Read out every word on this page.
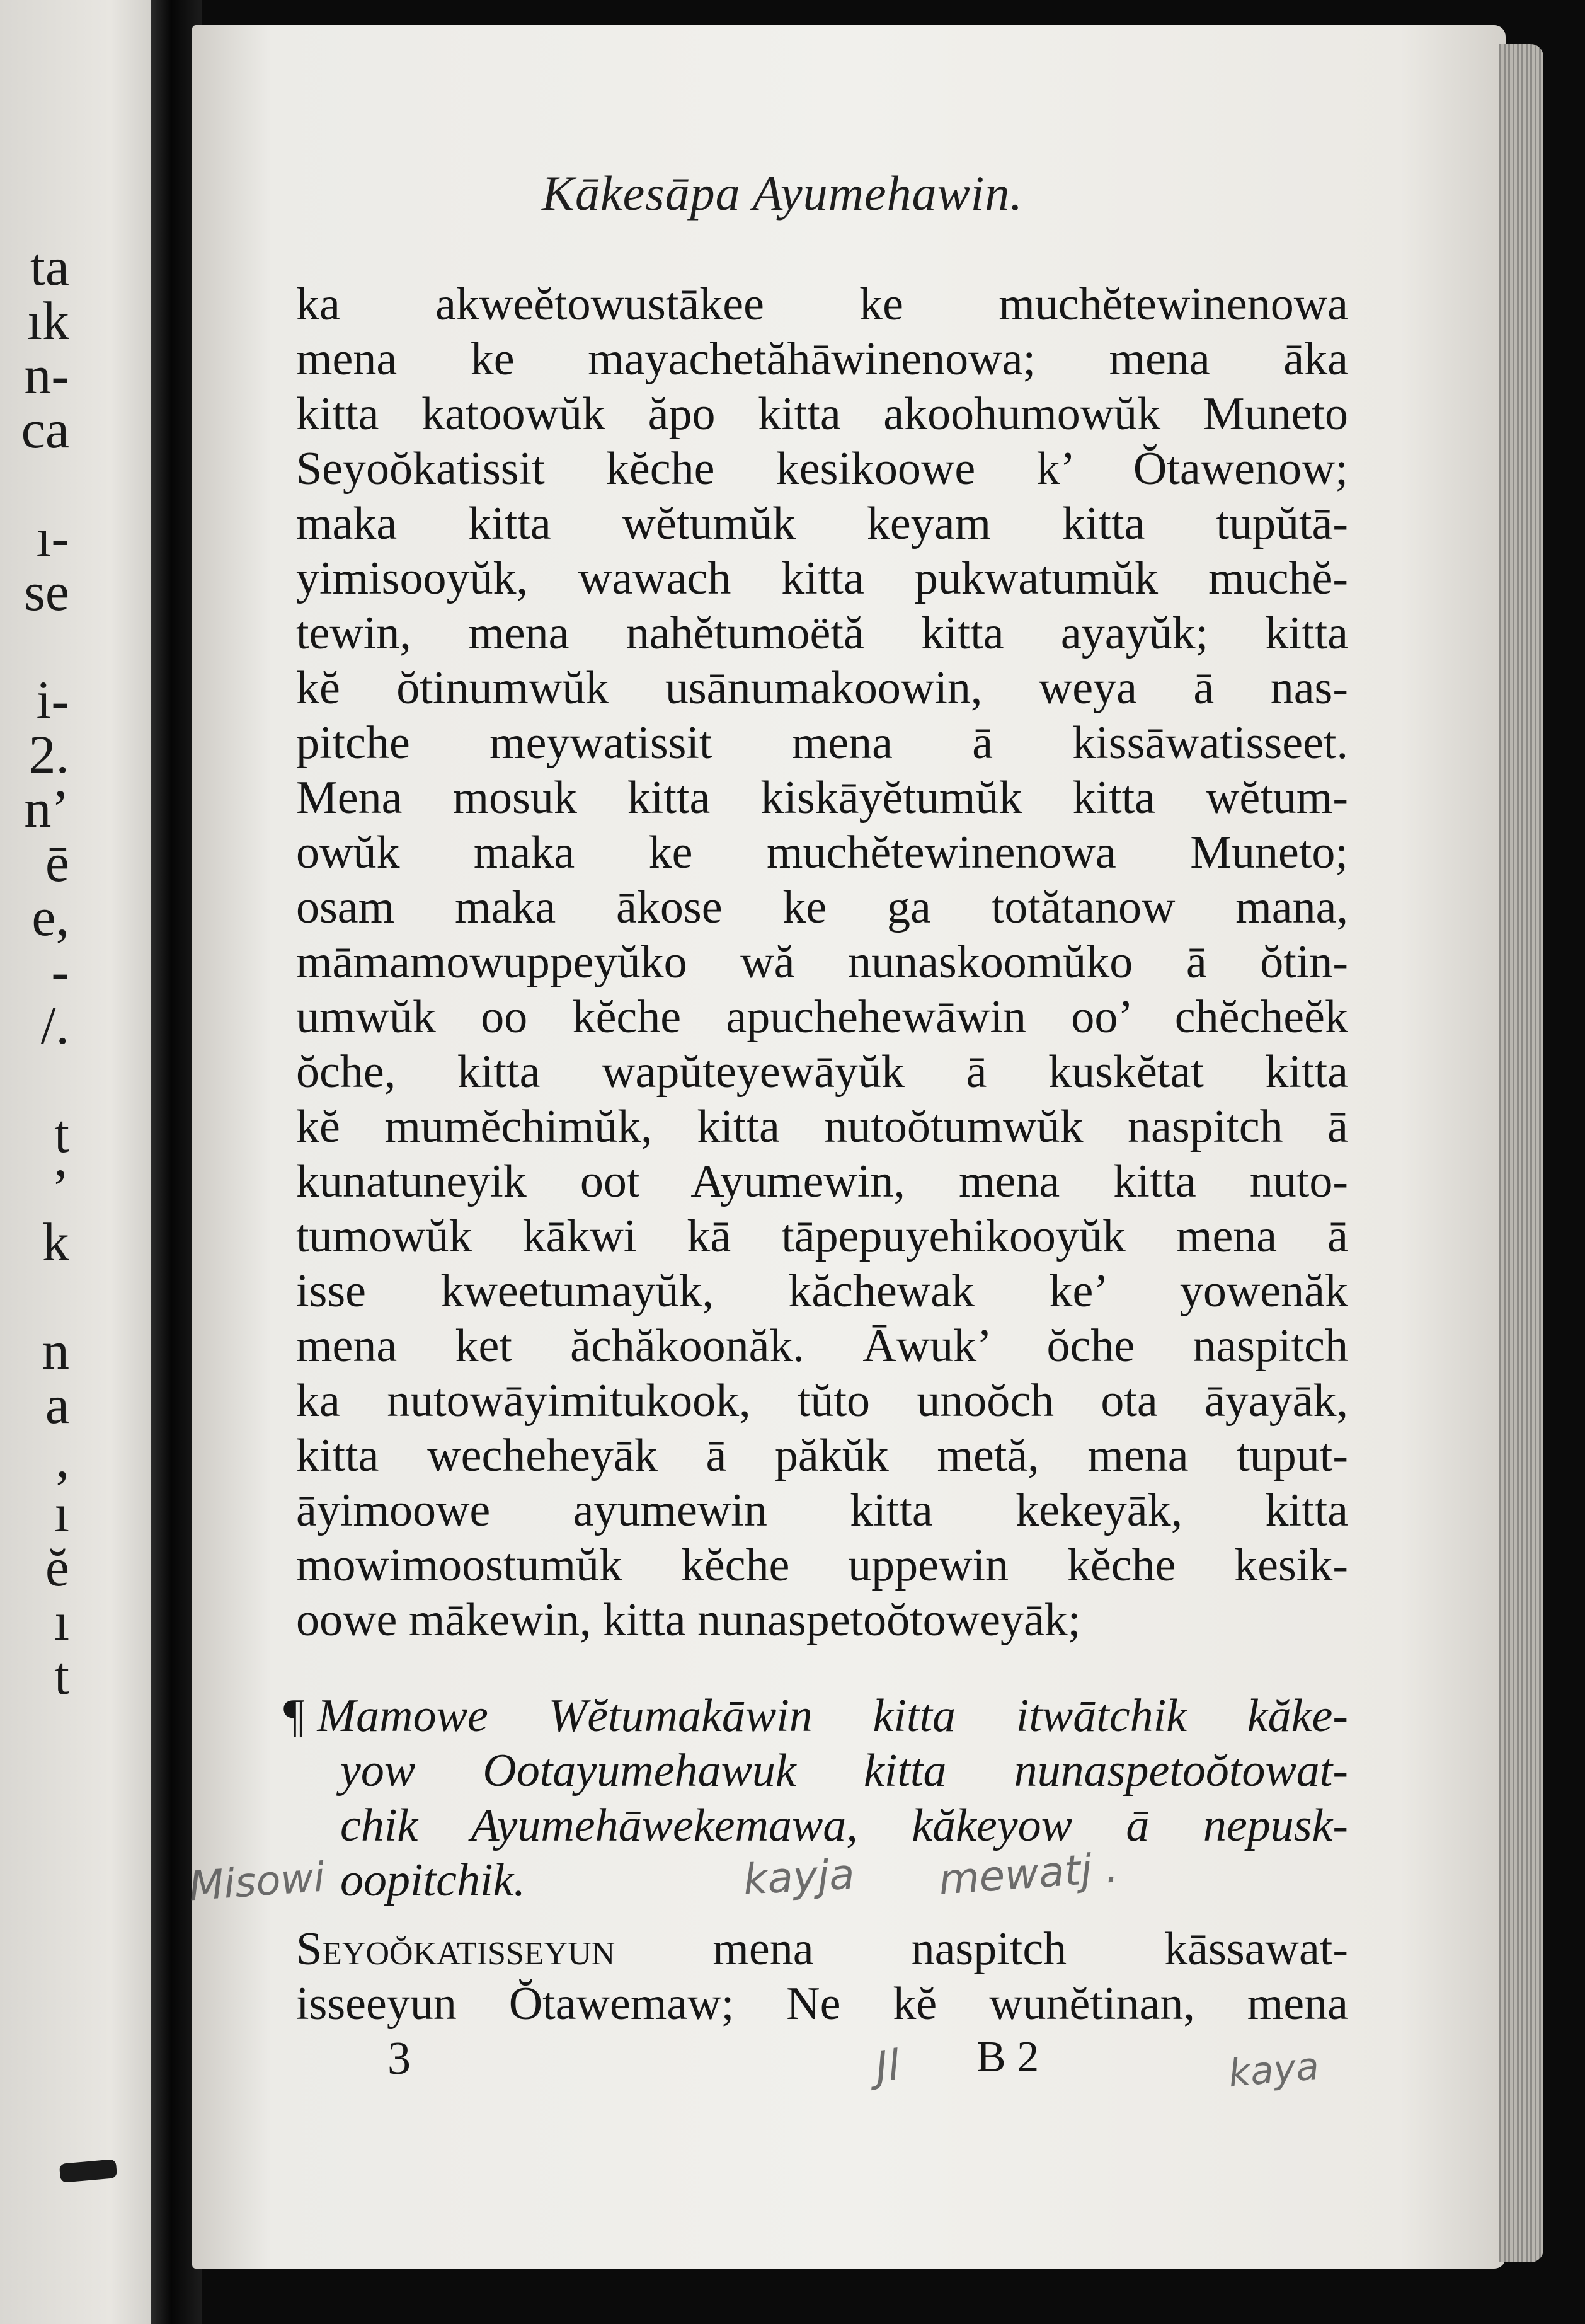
ta
ık
n-
ca
ı-
se
i-
2.
n’
ē
e,
-
/.
t
’
k
n
a
,
ı
ĕ
ı
t
Kākesāpa Ayumehawin.
ka akweĕtowustākee ke muchĕtewinenowa
mena ke mayachetăhāwinenowa; mena āka
kitta katoowŭk ăpo kitta akoohumowŭk Muneto
Seyoŏkatissit kĕche kesikoowe k’ Ŏtawenow;
maka kitta wĕtumŭk keyam kitta tupŭtā-
yimisooyŭk, wawach kitta pukwatumŭk muchĕ-
tewin, mena nahĕtumoëtă kitta ayayŭk; kitta
kĕ ŏtinumwŭk usānumakoowin, weya ā nas-
pitche meywatissit mena ā kissāwatisseet.
Mena mosuk kitta kiskāyĕtumŭk kitta wĕtum-
owŭk maka ke muchĕtewinenowa Muneto;
osam maka ākose ke ga totătanow mana,
māmamowuppeyŭko wă nunaskoomŭko ā ŏtin-
umwŭk oo kĕche apuchehewāwin oo’ chĕcheĕk
ŏche, kitta wapŭteyewāyŭk ā kuskĕtat kitta
kĕ mumĕchimŭk, kitta nutoŏtumwŭk naspitch ā
kunatuneyik oot Ayumewin, mena kitta nuto-
tumowŭk kākwi kā tāpepuyehikooyŭk mena ā
isse kweetumayŭk, kăchewak ke’ yowenăk
mena ket ăchăkoonăk. Āwuk’ ŏche naspitch
ka nutowāyimitukook, tŭto unoŏch ota āyayāk,
kitta wecheheyāk ā păkŭk metă, mena tuput-
āyimoowe ayumewin kitta kekeyāk, kitta
mowimoostumŭk kĕche uppewin kĕche kesik-
oowe mākewin, kitta nunaspetoŏtoweyāk;
¶ Mamowe Wĕtumakāwin kitta itwātchik kăke-
yow Ootayumehawuk kitta nunaspetoŏtowat-
chik Ayumehāwekemawa, kăkeyow ā nepusk-
oopitchik.
Seyoŏkatisseyun mena naspitch kāssawat-
isseeyun Ŏtawemaw; Ne kĕ wunĕtinan, mena
3	B 2
Misowi	kayja mewatj .
Jl	kaya
